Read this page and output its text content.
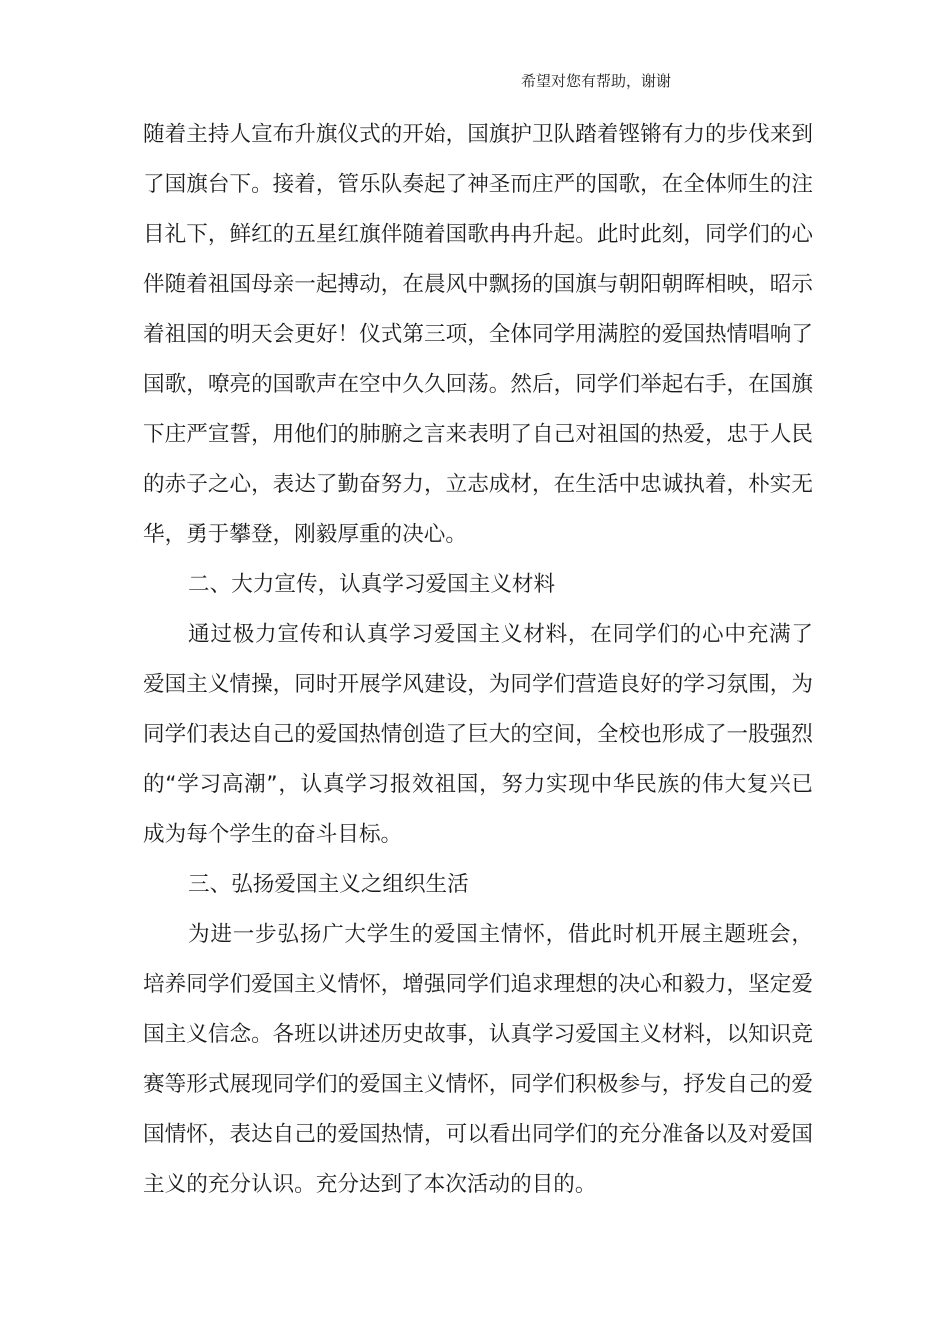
希望对您有帮助，谢谢

随着主持人宣布升旗仪式的开始，国旗护卫队踏着铿锵有力的步伐来到了国旗台下。接着，管乐队奏起了神圣而庄严的国歌，在全体师生的注目礼下，鲜红的五星红旗伴随着国歌冉冉升起。此时此刻，同学们的心伴随着祖国母亲一起搏动，在晨风中飘扬的国旗与朝阳朝晖相映，昭示着祖国的明天会更好！仪式第三项，全体同学用满腔的爱国热情唱响了国歌，嘹亮的国歌声在空中久久回荡。然后，同学们举起右手，在国旗下庄严宣誓，用他们的肺腑之言来表明了自己对祖国的热爱，忠于人民的赤子之心，表达了勤奋努力，立志成材，在生活中忠诚执着，朴实无华，勇于攀登，刚毅厚重的决心。

二、大力宣传，认真学习爱国主义材料

通过极力宣传和认真学习爱国主义材料，在同学们的心中充满了爱国主义情操，同时开展学风建设，为同学们营造良好的学习氛围，为同学们表达自己的爱国热情创造了巨大的空间，全校也形成了一股强烈的“学习高潮”，认真学习报效祖国，努力实现中华民族的伟大复兴已成为每个学生的奋斗目标。

三、弘扬爱国主义之组织生活

为进一步弘扬广大学生的爱国主情怀，借此时机开展主题班会，培养同学们爱国主义情怀，增强同学们追求理想的决心和毅力，坚定爱国主义信念。各班以讲述历史故事，认真学习爱国主义材料，以知识竞赛等形式展现同学们的爱国主义情怀，同学们积极参与，抒发自己的爱国情怀，表达自己的爱国热情，可以看出同学们的充分准备以及对爱国主义的充分认识。充分达到了本次活动的目的。
